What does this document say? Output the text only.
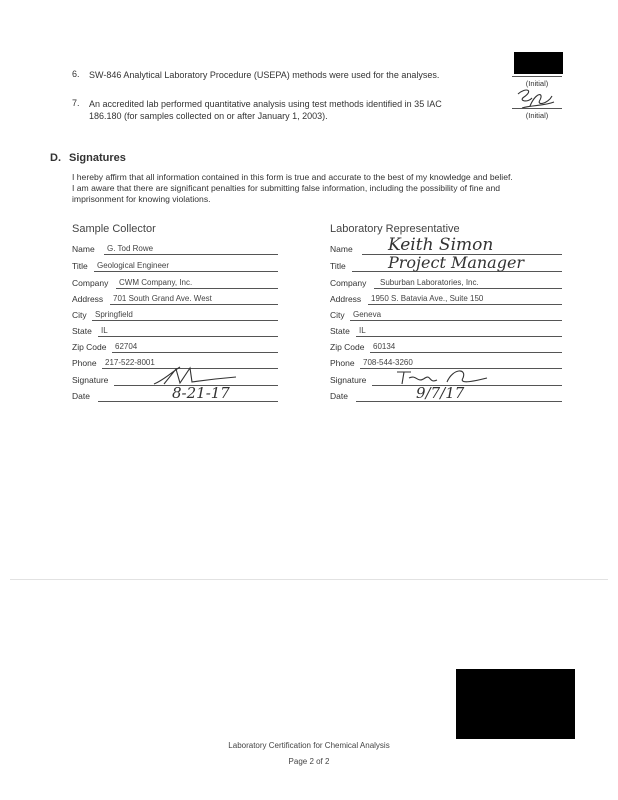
6. SW-846 Analytical Laboratory Procedure (USEPA) methods were used for the analyses.
(Initial)
7. An accredited lab performed quantitative analysis using test methods identified in 35 IAC
186.180 (for samples collected on or after January 1, 2003).	(Initial)
D. Signatures
I hereby affirm that all information contained in this form is true and accurate to the best of my knowledge and belief.
I am aware that there are significant penalties for submitting false information, including the possibility of fine and
imprisonment for knowing violations.
Sample Collector	Laboratory Representative
Name G. Tod Rowe
Title Geological Engineer
Company CWM Company, Inc.
Address 701 South Grand Ave. West
City Springfield
State IL
Zip Code 62704
Phone 217-522-8001
Signature
Date	8-21-17
Name Keith Simon
Title	Project Manager
Company Suburban Laboratories, Inc.
Address 1950 S. Batavia Ave., Suite 150
City Geneva
State IL
Zip Code 60134
Phone 708-544-3260
Signature
Date	9/7/17
Laboratory Certification for Chemical Analysis
Page 2 of 2
